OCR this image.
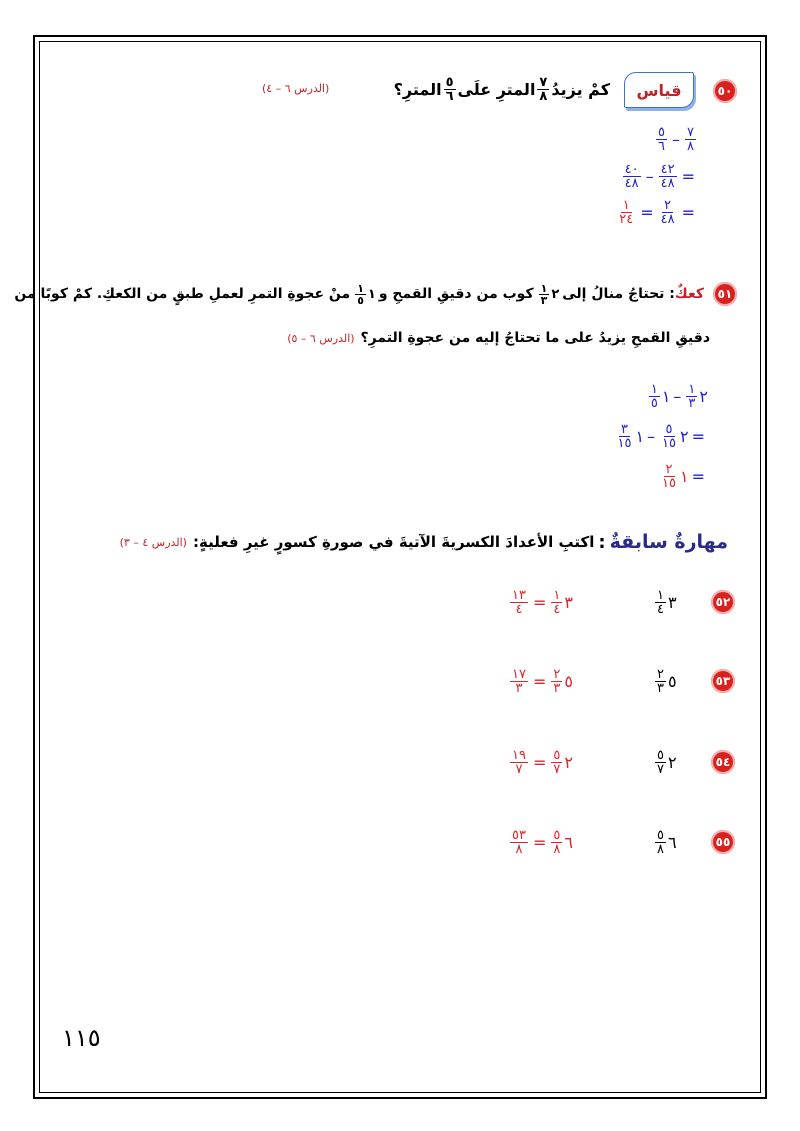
٥٠
قياس
كمْ يزيدُ
$\frac{٧}{٨}$
المترِ علَى
$\frac{٥}{٦}$
المترِ؟
(الدرس ٦ – ٤)
$\frac{٧}{٨}$
–
$\frac{٥}{٦}$
=
$\frac{٤٢}{٤٨}$
–
$\frac{٤٠}{٤٨}$
=
$\frac{٢}{٤٨}$
=
$\frac{١}{٢٤}$
٥١
كعكٌ
: تحتاجُ منالُ إلى
٢
$\frac{١}{٣}$
كوب من دقيقِ القمحِ و
١
$\frac{١}{٥}$
منْ عجوةِ التمرِ لعملِ طبقٍ من الكعكِ. كمْ كوبًا من
دقيقِ القمحِ يزيدُ على ما تحتاجُ إليه من عجوةِ التمرِ؟
(الدرس ٦ – ٥)
٢
$\frac{١}{٣}$
–
١
$\frac{١}{٥}$
=
٢
$\frac{٥}{١٥}$
–
١
$\frac{٣}{١٥}$
=
١
$\frac{٢}{١٥}$
مهارةٌ سابقةٌ
:
اكتبِ الأعدادَ الكسريةَ الآتيةَ في صورةِ كسورٍ غيرِ فعليةٍ:
(الدرس ٤ – ٣)
٥٢
٣
$\frac{١}{٤}$
٣
$\frac{١}{٤}$
=
$\frac{١٣}{٤}$
٥٣
٥
$\frac{٢}{٣}$
٥
$\frac{٢}{٣}$
=
$\frac{١٧}{٣}$
٥٤
٢
$\frac{٥}{٧}$
٢
$\frac{٥}{٧}$
=
$\frac{١٩}{٧}$
٥٥
٦
$\frac{٥}{٨}$
٦
$\frac{٥}{٨}$
=
$\frac{٥٣}{٨}$
١١٥
